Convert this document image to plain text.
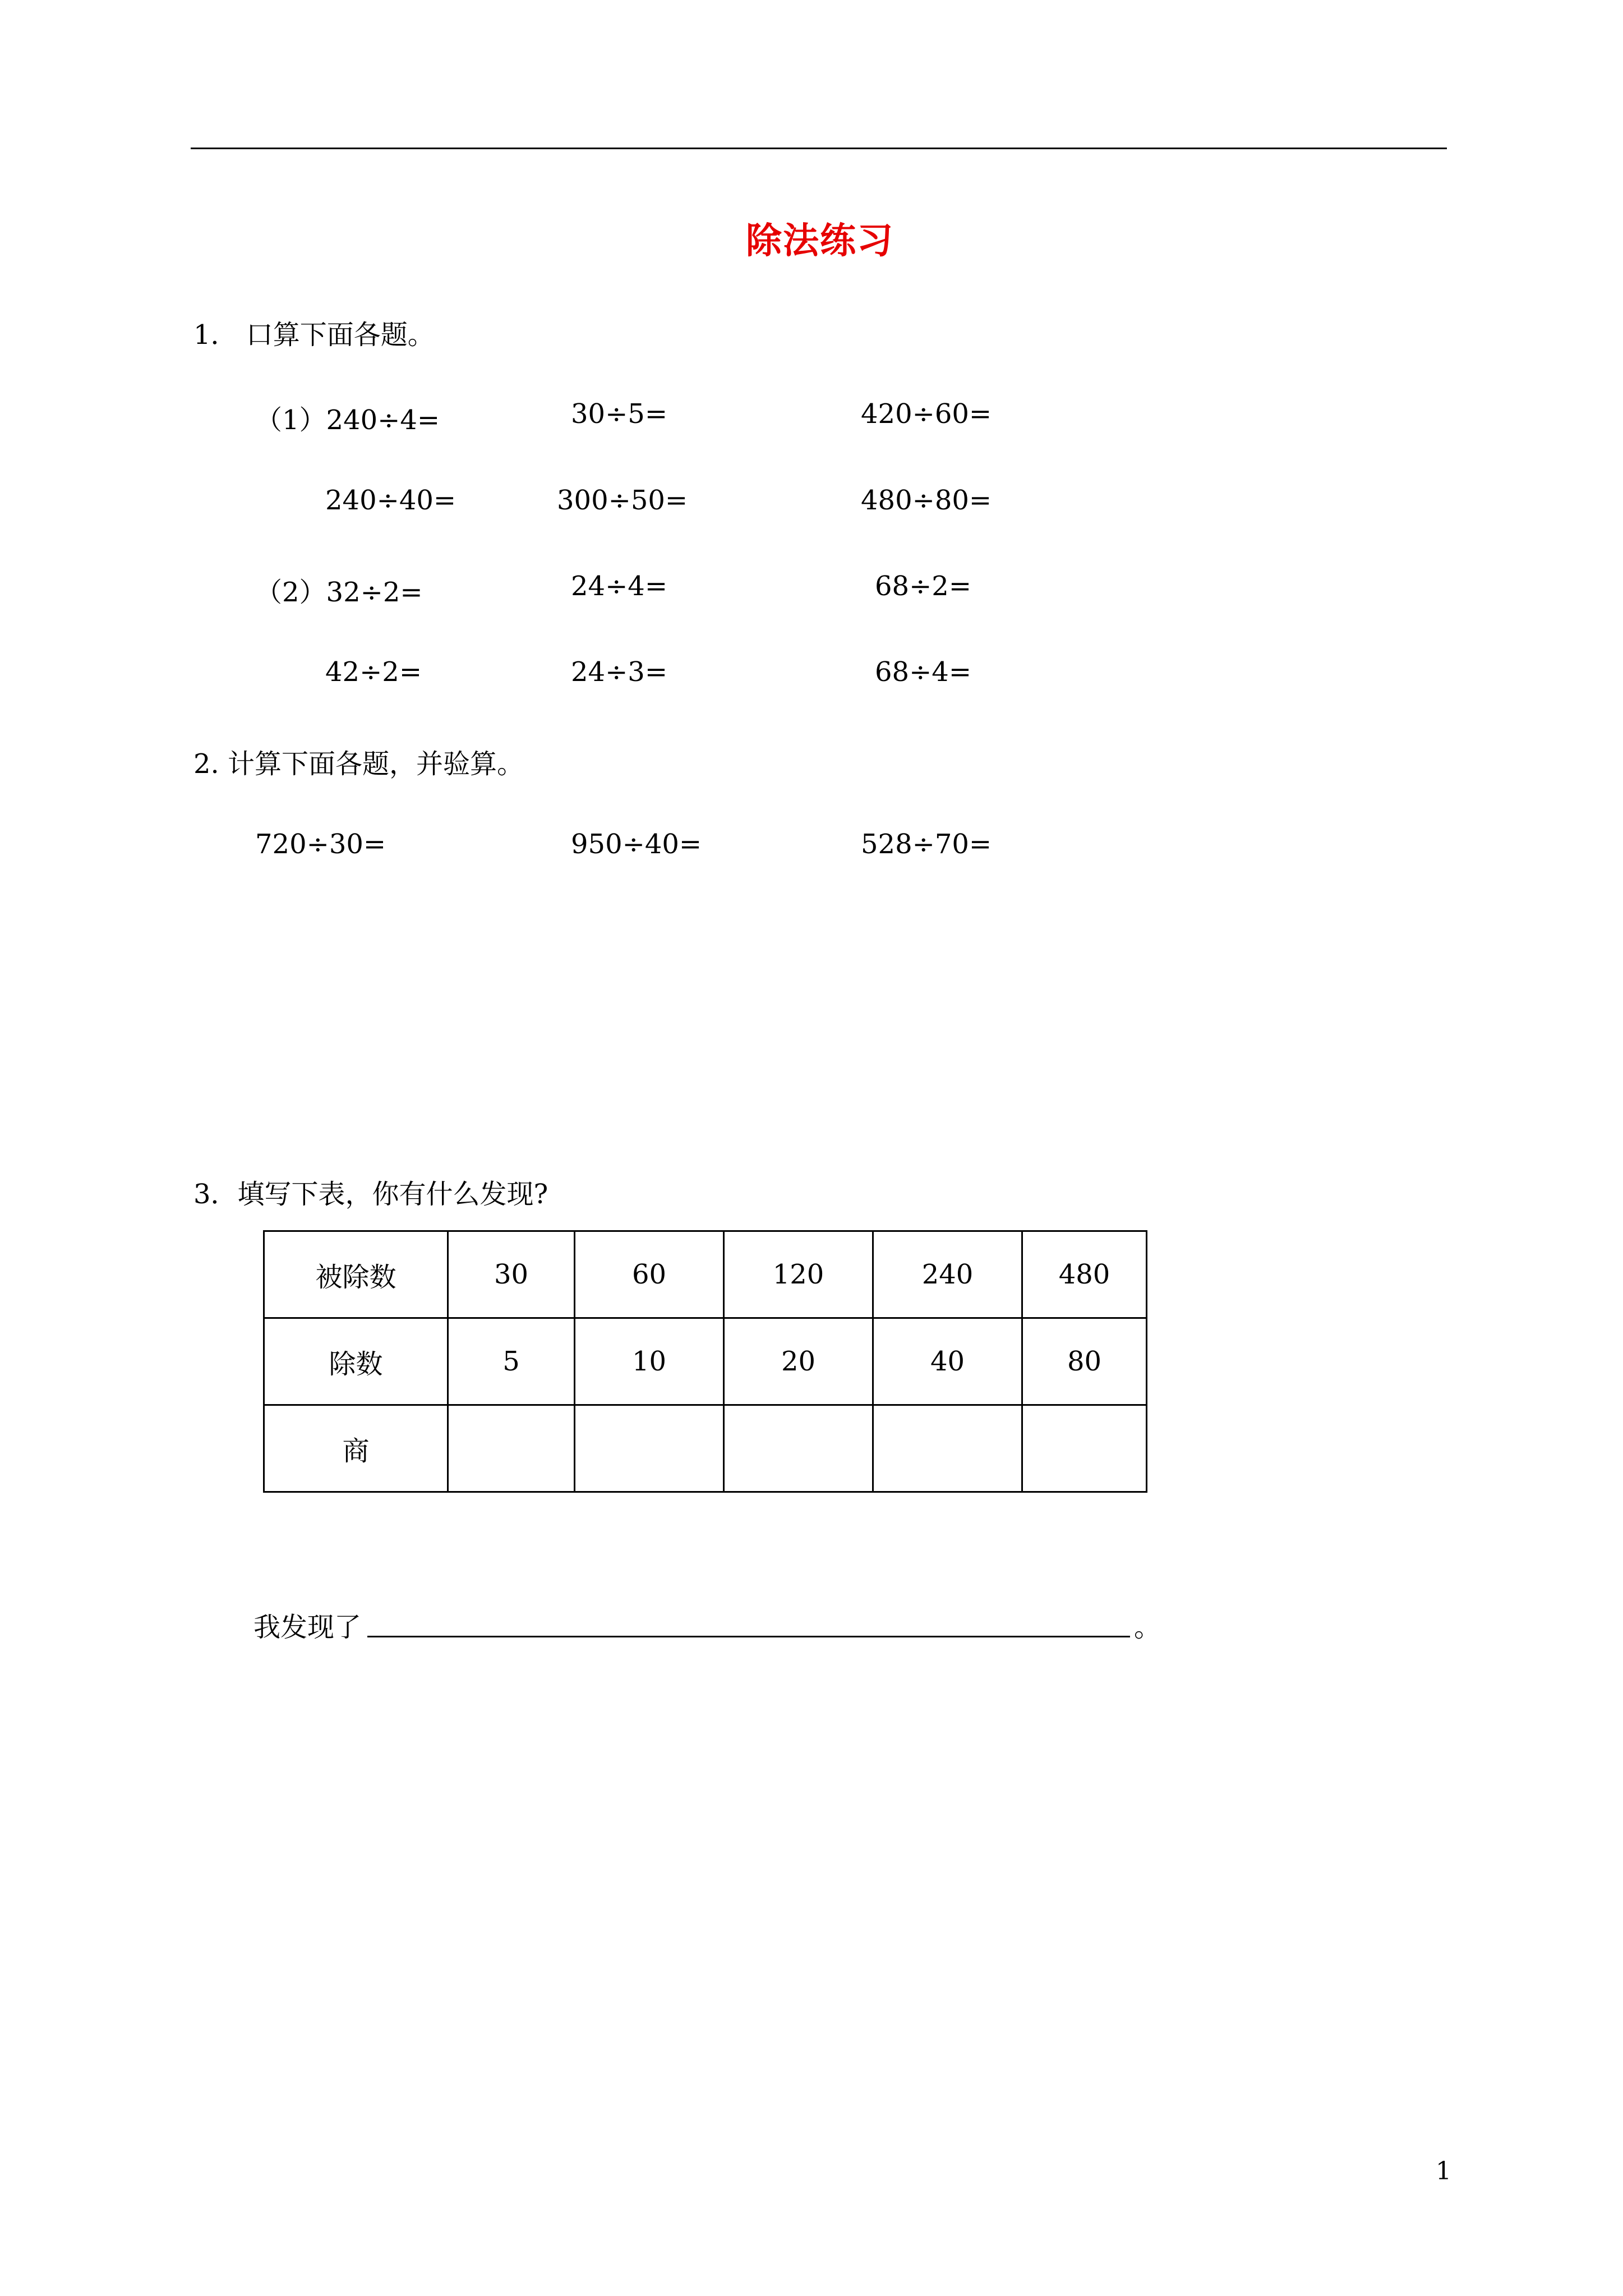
除法练习
1． 口算下面各题。
（1）240÷4=	30÷5=	420÷60=
240÷40=	300÷50=	480÷80=
（2）32÷2=	24÷4=	68÷2=
42÷2=	24÷3=	68÷4=
2. 计算下面各题，并验算。
720÷30=	950÷40=	528÷70=
3．填写下表，你有什么发现?
被除数	30	60	120	240	480
除数	5	10	20	40	80
商					
我发现了	。
1
